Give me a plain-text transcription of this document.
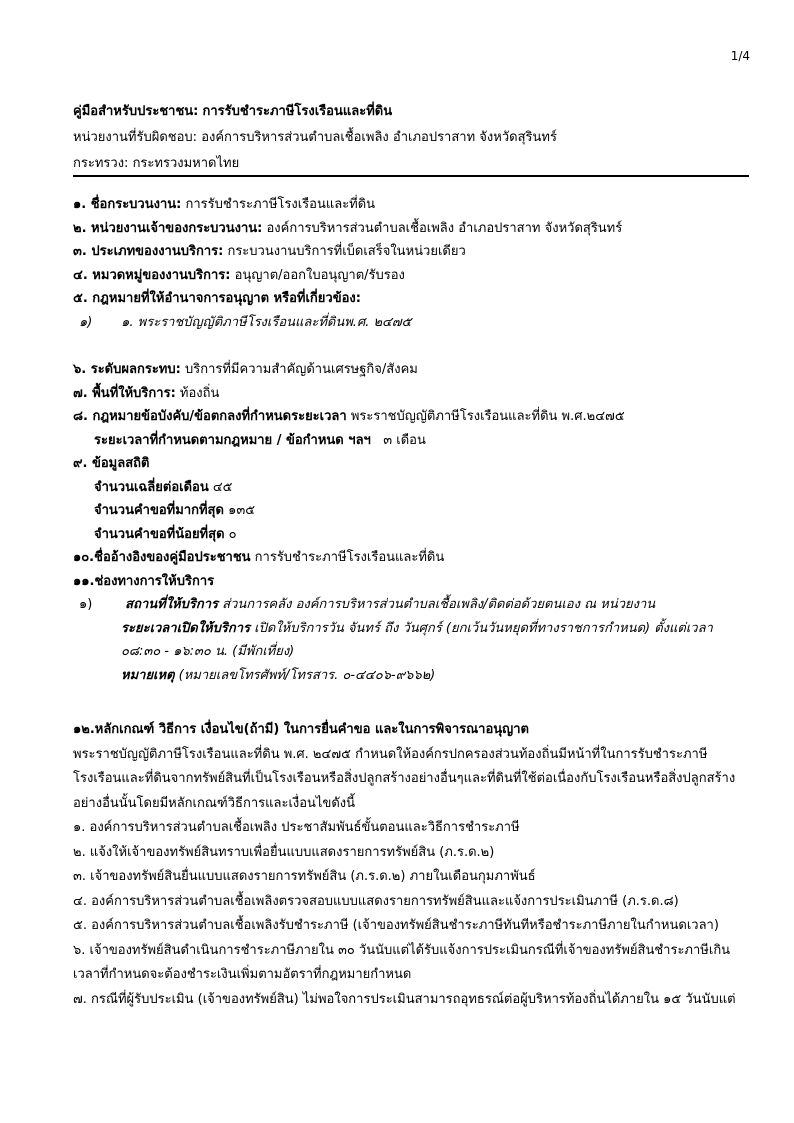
1/4
คู่มือสำหรับประชาชน: การรับชำระภาษีโรงเรือนและที่ดิน
หน่วยงานที่รับผิดชอบ: องค์การบริหารส่วนตำบลเชื้อเพลิง อำเภอปราสาท จังหวัดสุรินทร์
กระทรวง: กระทรวงมหาดไทย
๑. ชื่อกระบวนงาน: การรับชำระภาษีโรงเรือนและที่ดิน
๒. หน่วยงานเจ้าของกระบวนงาน: องค์การบริหารส่วนตำบลเชื้อเพลิง อำเภอปราสาท จังหวัดสุรินทร์
๓. ประเภทของงานบริการ: กระบวนงานบริการที่เบ็ดเสร็จในหน่วยเดียว
๔. หมวดหมู่ของงานบริการ: อนุญาต/ออกใบอนุญาต/รับรอง
๕. กฎหมายที่ให้อำนาจการอนุญาต หรือที่เกี่ยวข้อง:
๑) ๑. พระราชบัญญัติภาษีโรงเรือนและที่ดินพ.ศ. ๒๔๗๕
๖. ระดับผลกระทบ: บริการที่มีความสำคัญด้านเศรษฐกิจ/สังคม
๗. พื้นที่ให้บริการ: ท้องถิ่น
๘. กฎหมายข้อบังคับ/ข้อตกลงที่กำหนดระยะเวลา พระราชบัญญัติภาษีโรงเรือนและที่ดิน พ.ศ.๒๔๗๕
ระยะเวลาที่กำหนดตามกฎหมาย / ข้อกำหนด ฯลฯ ๓ เดือน
๙. ข้อมูลสถิติ
จำนวนเฉลี่ยต่อเดือน ๔๕
จำนวนคำขอที่มากที่สุด ๑๓๕
จำนวนคำขอที่น้อยที่สุด ๐
๑๐.ชื่ออ้างอิงของคู่มือประชาชน การรับชำระภาษีโรงเรือนและที่ดิน
๑๑.ช่องทางการให้บริการ
๑)	สถานที่ให้บริการ ส่วนการคลัง องค์การบริหารส่วนตำบลเชื้อเพลิง/ติดต่อด้วยตนเอง ณ หน่วยงาน
ระยะเวลาเปิดให้บริการ เปิดให้บริการวัน จันทร์ ถึง วันศุกร์ (ยกเว้นวันหยุดที่ทางราชการกำหนด) ตั้งแต่เวลา
๐๘:๓๐ - ๑๖:๓๐ น. (มีพักเที่ยง)
หมายเหตุ (หมายเลขโทรศัพท์/โทรสาร. ๐-๔๔๐๖-๙๖๖๒)
๑๒.หลักเกณฑ์ วิธีการ เงื่อนไข(ถ้ามี) ในการยื่นคำขอ และในการพิจารณาอนุญาต
พระราชบัญญัติภาษีโรงเรือนและที่ดิน พ.ศ. ๒๔๗๕ กำหนดให้องค์กรปกครองส่วนท้องถิ่นมีหน้าที่ในการรับชำระภาษี
โรงเรือนและที่ดินจากทรัพย์สินที่เป็นโรงเรือนหรือสิ่งปลูกสร้างอย่างอื่นๆและที่ดินที่ใช้ต่อเนื่องกับโรงเรือนหรือสิ่งปลูกสร้าง
อย่างอื่นนั้นโดยมีหลักเกณฑ์วิธีการและเงื่อนไขดังนี้
๑. องค์การบริหารส่วนตำบลเชื้อเพลิง ประชาสัมพันธ์ขั้นตอนและวิธีการชำระภาษี
๒. แจ้งให้เจ้าของทรัพย์สินทราบเพื่อยื่นแบบแสดงรายการทรัพย์สิน (ภ.ร.ด.๒)
๓. เจ้าของทรัพย์สินยื่นแบบแสดงรายการทรัพย์สิน (ภ.ร.ด.๒) ภายในเดือนกุมภาพันธ์
๔. องค์การบริหารส่วนตำบลเชื้อเพลิงตรวจสอบแบบแสดงรายการทรัพย์สินและแจ้งการประเมินภาษี (ภ.ร.ด.๘)
๕. องค์การบริหารส่วนตำบลเชื้อเพลิงรับชำระภาษี (เจ้าของทรัพย์สินชำระภาษีทันทีหรือชำระภาษีภายในกำหนดเวลา)
๖. เจ้าของทรัพย์สินดำเนินการชำระภาษีภายใน ๓๐ วันนับแต่ได้รับแจ้งการประเมินกรณีที่เจ้าของทรัพย์สินชำระภาษีเกิน
เวลาที่กำหนดจะต้องชำระเงินเพิ่มตามอัตราที่กฎหมายกำหนด
๗. กรณีที่ผู้รับประเมิน (เจ้าของทรัพย์สิน) ไม่พอใจการประเมินสามารถอุทธรณ์ต่อผู้บริหารท้องถิ่นได้ภายใน ๑๕ วันนับแต่
